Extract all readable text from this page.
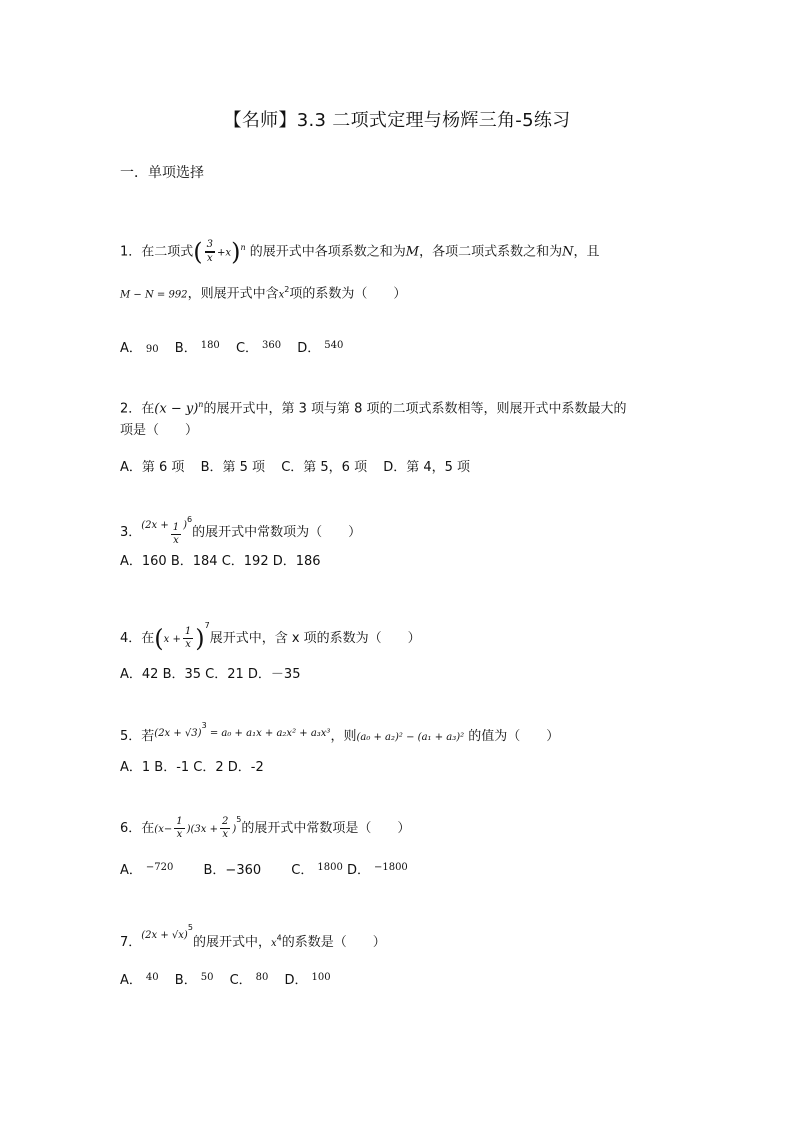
【名师】3.3 二项式定理与杨辉三角-5练习
一．单项选择
1．在二项式( $\frac{3}{x} +x)^n$ 的展开式中各项系数之和为M，各项二项式系数之和为N，且
M − N = 992，则展开式中含$x^2$项的系数为（　　）
A． 90 B． $^{180}$ C． $^{360}$ D． $^{540}$
2．在$(x - y)^n$的展开式中，第 3 项与第 8 项的二项式系数相等，则展开式中系数最大的
项是（　　）
A．第 6 项 B．第 5 项 C．第 5，6 项 D．第 4，5 项
3．$^{(2x +} \frac{1}{x} ^{)6}$的展开式中常数项为（　　）
A．160 B．184 C．192 D．186
4．在$(x + \frac{1}{x} )^7$展开式中，含 x 项的系数为（　　）
A．42 B．35 C．21 D．－35
5．若$^{(2x + √3)3}$ $^{= a_0 + a_1x + a_2x^2 + a_3x^3}$，则(a₀ + a₂)² − (a₁ + a₃)² 的值为（　　）
A．1 B．-1 C．2 D．-2
6．在$(x- \frac{1}{x} )(3x + \frac{2}{x} )^5$的展开式中常数项是（　　）
A． $^{-720}$ B．−360 C． $^{1800}$ D． $^{-1800}$
7．$^{(2x + √x)5}$的展开式中，$x^4$的系数是（　　）
A． $^{40}$ B． $^{50}$ C． $^{80}$ D． $^{100}$
